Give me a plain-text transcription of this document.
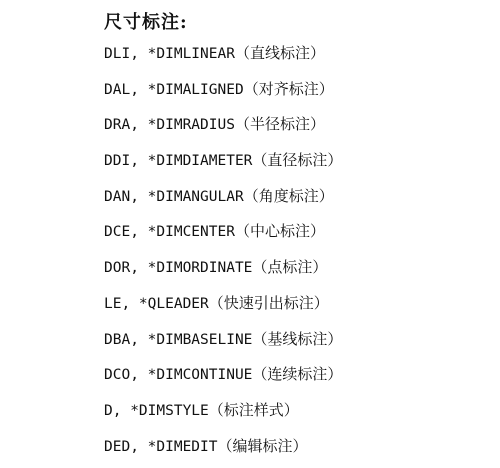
尺寸标注:
DLI, *DIMLINEAR（直线标注）
DAL, *DIMALIGNED（对齐标注）
DRA, *DIMRADIUS（半径标注）
DDI, *DIMDIAMETER（直径标注）
DAN, *DIMANGULAR（角度标注）
DCE, *DIMCENTER（中心标注）
DOR, *DIMORDINATE（点标注）
LE, *QLEADER（快速引出标注）
DBA, *DIMBASELINE（基线标注）
DCO, *DIMCONTINUE（连续标注）
D, *DIMSTYLE（标注样式）
DED, *DIMEDIT（编辑标注）
